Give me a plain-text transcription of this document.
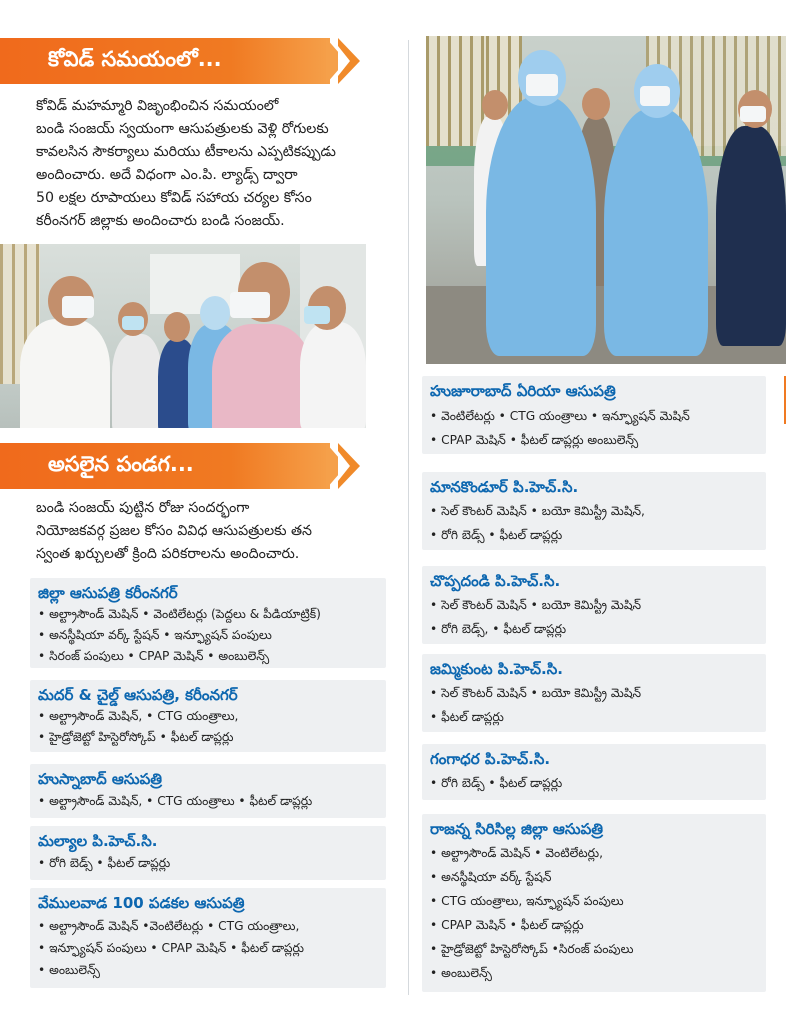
కోవిడ్ సమయంలో...
కోవిడ్ మహమ్మారి విజృంభించిన సమయంలో
బండి సంజయ్ స్వయంగా ఆసుపత్రులకు వెళ్లి రోగులకు
కావలసిన సౌకర్యాలు మరియు టీకాలను ఎప్పటికప్పుడు
అందించారు. అదే విధంగా ఎం.పి. ల్యాడ్స్ ద్వారా
50 లక్షల రూపాయలు కోవిడ్ సహాయ చర్యల కోసం
కరీంనగర్ జిల్లాకు అందించారు బండి సంజయ్.
అసలైన పండగ...
బండి సంజయ్ పుట్టిన రోజు సందర్భంగా
నియోజకవర్గ ప్రజల కోసం వివిధ ఆసుపత్రులకు తన
స్వంత ఖర్చులతో క్రింది పరికరాలను అందించారు.
జిల్లా ఆసుపత్రి కరీంనగర్
• అల్ట్రాసౌండ్ మెషిన్ • వెంటిలేటర్లు (పెద్దలు & పీడియాట్రిక్)
• అనస్థీషియా వర్క్ స్టేషన్ • ఇన్ఫ్యూషన్ పంపులు
• సిరంజ్ పంపులు • CPAP మెషిన్ • అంబులెన్స్
మదర్ & చైల్డ్ ఆసుపత్రి, కరీంనగర్
• అల్ట్రాసౌండ్ మెషిన్, • CTG యంత్రాలు,
• హైడ్రోజెట్టో హిస్టెరోస్కోప్ • ఫీటల్ డాప్లర్లు
హుస్నాబాద్ ఆసుపత్రి
• అల్ట్రాసౌండ్ మెషిన్, • CTG యంత్రాలు • ఫీటల్ డాప్లర్లు
మల్యాల పి.హెచ్.సి.
• రోగి బెడ్స్ • ఫీటల్ డాప్లర్లు
వేములవాడ 100 పడకల ఆసుపత్రి
• అల్ట్రాసౌండ్ మెషిన్ •వెంటిలేటర్లు • CTG యంత్రాలు,
• ఇన్ఫ్యూషన్ పంపులు • CPAP మెషిన్ • ఫీటల్ డాప్లర్లు
• అంబులెన్స్
హుజూరాబాద్ ఏరియా ఆసుపత్రి
• వెంటిలేటర్లు • CTG యంత్రాలు • ఇన్ఫ్యూషన్ మెషిన్
• CPAP మెషిన్ • ఫీటల్ డాప్లర్లు అంబులెన్స్
మానకొండూర్ పి.హెచ్.సి.
• సెల్ కౌంటర్ మెషిన్ • బయో కెమిస్ట్రీ మెషిన్,
• రోగి బెడ్స్ • ఫీటల్ డాప్లర్లు
చొప్పదండి పి.హెచ్.సి.
• సెల్ కౌంటర్ మెషిన్ • బయో కెమిస్ట్రీ మెషిన్
• రోగి బెడ్స్, • ఫీటల్ డాప్లర్లు
జమ్మికుంట పి.హెచ్.సి.
• సెల్ కౌంటర్ మెషిన్ • బయో కెమిస్ట్రీ మెషిన్
• ఫీటల్ డాప్లర్లు
గంగాధర పి.హెచ్.సి.
• రోగి బెడ్స్ • ఫీటల్ డాప్లర్లు
రాజన్న సిరిసిల్ల జిల్లా ఆసుపత్రి
• అల్ట్రాసౌండ్ మెషిన్ • వెంటిలేటర్లు,
• అనస్థీషియా వర్క్ స్టేషన్
• CTG యంత్రాలు, ఇన్ఫ్యూషన్ పంపులు
• CPAP మెషిన్ • ఫీటల్ డాప్లర్లు
• హైడ్రోజెట్టో హిస్టెరోస్కోప్ •సిరంజ్ పంపులు
• అంబులెన్స్
